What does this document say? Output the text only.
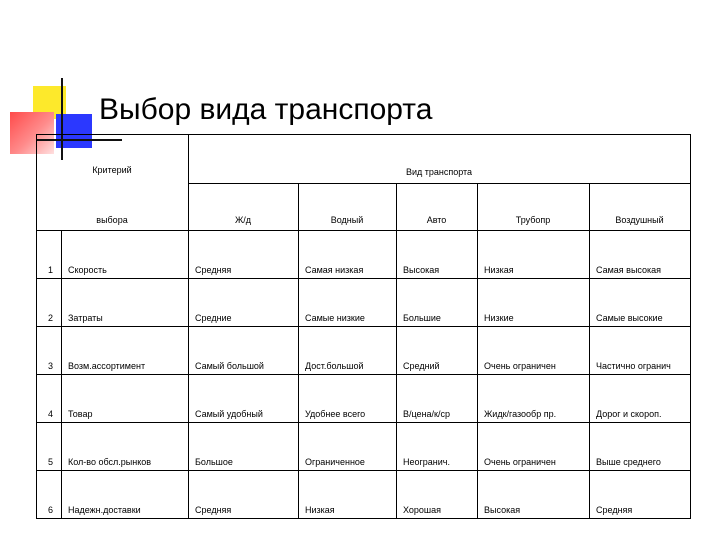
Выбор вида транспорта
Критерий
выбора
Вид транспорта
Ж/д	Водный	Авто	Трубопр	Воздушный
1 Скорость	Средняя	Самая низкая	Высокая	Низкая	Самая высокая
2 Затраты	Средние	Самые низкие	Большие	Низкие	Самые высокие
3 Возм.ассортимент	Самый большой	Дост.большой	Средний	Очень ограничен	Частично огранич
4 Товар	Самый удобный	Удобнее всего	В/цена/к/ср	Жидк/газообр пр.	Дорог и скороп.
5 Кол-во обсл.рынков	Большое	Ограниченное	Неогранич.	Очень ограничен	Выше среднего
6 Надежн.доставки	Средняя	Низкая	Хорошая	Высокая	Средняя
